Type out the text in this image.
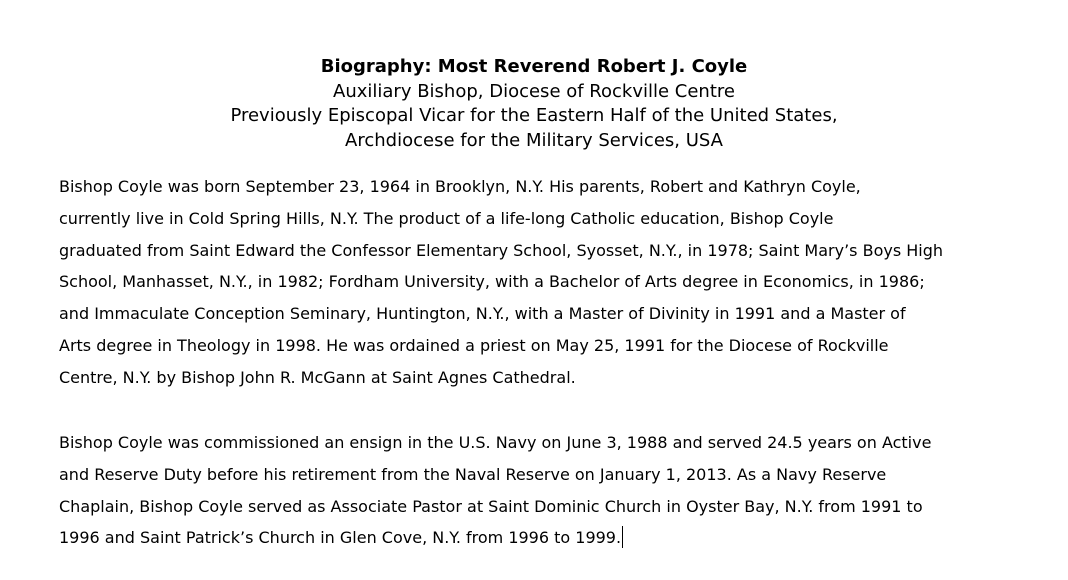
Biography: Most Reverend Robert J. Coyle
Auxiliary Bishop, Diocese of Rockville Centre
Previously Episcopal Vicar for the Eastern Half of the United States,
Archdiocese for the Military Services, USA
Bishop Coyle was born September 23, 1964 in Brooklyn, N.Y. His parents, Robert and Kathryn Coyle,
currently live in Cold Spring Hills, N.Y. The product of a life-long Catholic education, Bishop Coyle
graduated from Saint Edward the Confessor Elementary School, Syosset, N.Y., in 1978; Saint Mary’s Boys High
School, Manhasset, N.Y., in 1982; Fordham University, with a Bachelor of Arts degree in Economics, in 1986;
and Immaculate Conception Seminary, Huntington, N.Y., with a Master of Divinity in 1991 and a Master of
Arts degree in Theology in 1998. He was ordained a priest on May 25, 1991 for the Diocese of Rockville
Centre, N.Y. by Bishop John R. McGann at Saint Agnes Cathedral.
Bishop Coyle was commissioned an ensign in the U.S. Navy on June 3, 1988 and served 24.5 years on Active
and Reserve Duty before his retirement from the Naval Reserve on January 1, 2013. As a Navy Reserve
Chaplain, Bishop Coyle served as Associate Pastor at Saint Dominic Church in Oyster Bay, N.Y. from 1991 to
1996 and Saint Patrick’s Church in Glen Cove, N.Y. from 1996 to 1999.
